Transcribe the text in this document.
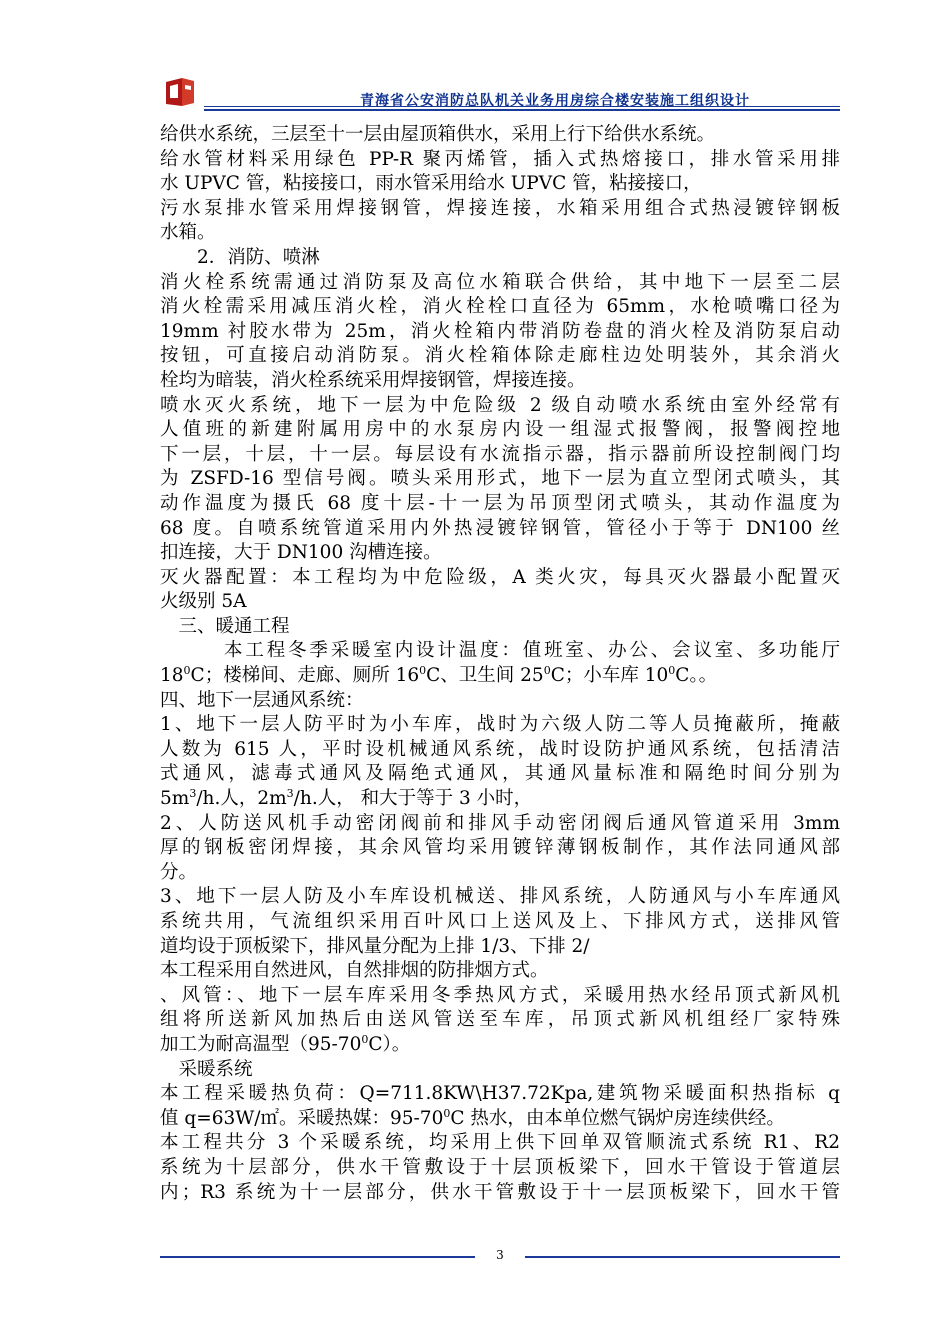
青海省公安消防总队机关业务用房综合楼安装施工组织设计
给供水系统，三层至十一层由屋顶箱供水，采用上行下给供水系统。
给水管材料采用绿色 PP-R 聚丙烯管，插入式热熔接口，排水管采用排
水 UPVC 管，粘接接口，雨水管采用给水 UPVC 管，粘接接口，
污水泵排水管采用焊接钢管，焊接连接，水箱采用组合式热浸镀锌钢板
水箱。
　　2．消防、喷淋
消火栓系统需通过消防泵及高位水箱联合供给，其中地下一层至二层
消火栓需采用减压消火栓，消火栓栓口直径为 65mm，水枪喷嘴口径为
19mm 衬胶水带为 25m，消火栓箱内带消防卷盘的消火栓及消防泵启动
按钮，可直接启动消防泵。消火栓箱体除走廊柱边处明装外，其余消火
栓均为暗装，消火栓系统采用焊接钢管，焊接连接。
喷水灭火系统，地下一层为中危险级 2 级自动喷水系统由室外经常有
人值班的新建附属用房中的水泵房内设一组湿式报警阀，报警阀控地
下一层，十层，十一层。每层设有水流指示器，指示器前所设控制阀门均
为 ZSFD-16 型信号阀。喷头采用形式，地下一层为直立型闭式喷头，其
动作温度为摄氏 68 度十层-十一层为吊顶型闭式喷头，其动作温度为
68 度。自喷系统管道采用内外热浸镀锌钢管，管径小于等于 DN100 丝
扣连接，大于 DN100 沟槽连接。
灭火器配置：本工程均为中危险级，A 类火灾，每具灭火器最小配置灭
火级别 5A
　三、暖通工程
　　　本工程冬季采暖室内设计温度：值班室、办公、会议室、多功能厅
$18^0C$；楼梯间、走廊、厕所 $16^0C$、卫生间 $25^0C$；小车库 $10^0C$。。
四、地下一层通风系统：
1、地下一层人防平时为小车库，战时为六级人防二等人员掩蔽所，掩蔽
人数为 615 人，平时设机械通风系统，战时设防护通风系统，包括清洁
式通风，滤毒式通风及隔绝式通风，其通风量标准和隔绝时间分别为
$5m^3/h$.人，$2m^3/h$.人， 和大于等于 3 小时，
2、人防送风机手动密闭阀前和排风手动密闭阀后通风管道采用 3mm
厚的钢板密闭焊接，其余风管均采用镀锌薄钢板制作，其作法同通风部
分。
3、地下一层人防及小车库设机械送、排风系统，人防通风与小车库通风
系统共用，气流组织采用百叶风口上送风及上、下排风方式，送排风管
道均设于顶板梁下，排风量分配为上排 1/3、下排 2/
本工程采用自然进风，自然排烟的防排烟方式。
、风管：、地下一层车库采用冬季热风方式，采暖用热水经吊顶式新风机
组将所送新风加热后由送风管送至车库，吊顶式新风机组经厂家特殊
加工为耐高温型$(95-70^0C)$。
　采暖系统
本工程采暖热负荷：Q=711.8KW\H37.72Kpa,建筑物采暖面积热指标 q
值 q=63W/㎡。采暖热媒：$95-70^0C$ 热水，由本单位燃气锅炉房连续供经。
本工程共分 3 个采暖系统，均采用上供下回单双管顺流式系统 R1、R2
系统为十层部分，供水干管敷设于十层顶板梁下，回水干管设于管道层
内；R3 系统为十一层部分，供水干管敷设于十一层顶板梁下，回水干管
3
